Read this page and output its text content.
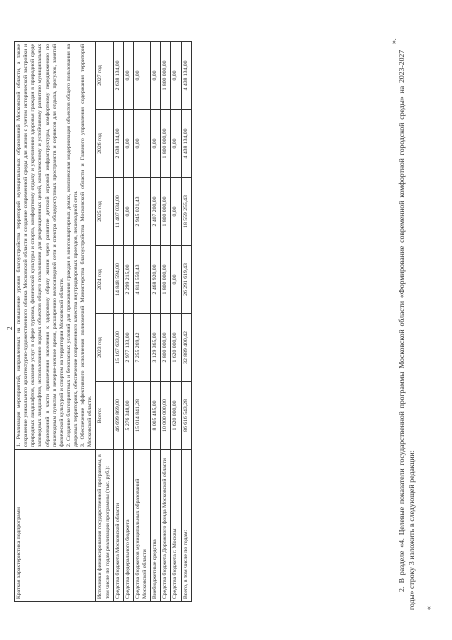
2
Краткая характеристика подпрограмм	1. Реализация мероприятий, направленных на повышение уровня благоустройства территорий муниципальных образований Московской области, а также сохранение уникального архитектурно-художественного облика Московской области и создание современной среды для жизни с учетом исторической застройки и природных ландшафтов, оказание услуг в сфере туризма, физической культуры и спорта, комфортному отдыху и укреплению здоровья граждан в природной среде заповедных ландшафтов, использованию водных объектов общего пользования для рекреационных целей, комплексному и устойчивому развитию муниципальных образований в части привлечения населения к здоровому образу жизни через развитие детской игровой инфраструктуры, комфортному передвижению по пешеходным пунктам в вечерне-ночное время, расширению велосипедной сети и спектра общедоступных пространств и сервисов для отдыха, прогулок, занятий физической культурой и спортом на территории Московской области. 2. Создание благоприятных и безопасных условий для проживания граждан в многоквартирных домах, комплексная модернизация объектов общего пользования на дворовых территориях, обеспечение современного качества внутридворовых проездов, пешеходной сети. 3. Обеспечение эффективного исполнения полномочий Министерства благоустройства Московской области и Главного управления содержания территорий Московской области.					

Источники финансирования государственной программы, в том числе по годам реализации программы (тыс. руб.):	Всего:	2023 год	2024 год	2025 год	2026 год	2027 год
Средства бюджета Московской области	46 699 869,00	15 167 633,00	14 848 594,00	11 407 034,00	2 638 134,00	2 638 134,00
Средства федерального бюджета	5 276 348,00	2 977 133,00	2 299 215,00	0,00	0,00	0,00
Средства бюджетов муниципальных образований Московской области	15 014 841,28	7 255 269,42	4 814 550,43	2 945 021,43	0,00	0,00
Внебюджетные средства	8 005 485,00	3 129 365,00	2 468 920,00	2 407 200,00	0,00	0,00
Средства бюджета Дорожного фонда Московской области	10 000 000,00	2 800 000,00	1 800 000,00	1 800 000,00	1 800 000,00	1 800 000,00
Средства бюджета г. Москвы	1 620 000,00	1 620 000,00	0,00	0,00	0,00	0,00
Всего, в том числе по годам:	86 616 543,28	32 889 400,42	26 291 619,43	18 559 255,43	4 438 134,00	4 438 134,00
».

2. В разделе «4. Целевые показатели государственной программы Московской области «Формирование современной комфортной городской среды» на 2023-2027 годы» строку 3 изложить в следующей редакции: «
